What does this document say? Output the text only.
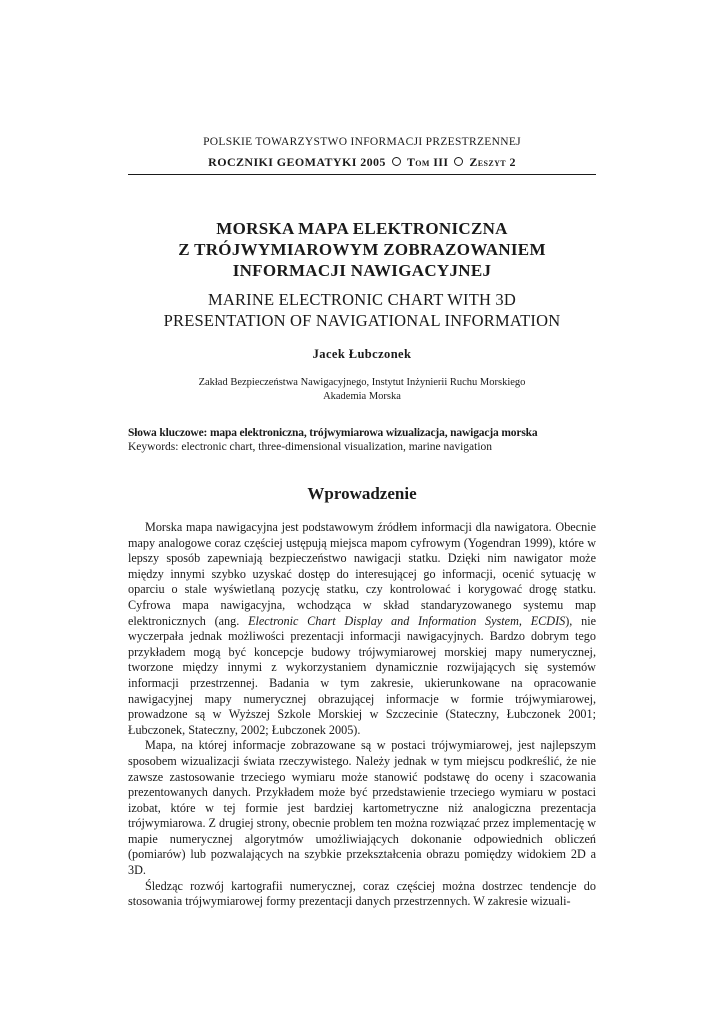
POLSKIE TOWARZYSTWO INFORMACJI PRZESTRZENNEJ
ROCZNIKI GEOMATYKI 2005 Tom III Zeszyt 2
MORSKA MAPA ELEKTRONICZNA
Z TRÓJWYMIAROWYM ZOBRAZOWANIEM
INFORMACJI NAWIGACYJNEJ
MARINE ELECTRONIC CHART WITH 3D
PRESENTATION OF NAVIGATIONAL INFORMATION
Jacek Łubczonek
Zakład Bezpieczeństwa Nawigacyjnego, Instytut Inżynierii Ruchu Morskiego
Akademia Morska
Słowa kluczowe: mapa elektroniczna, trójwymiarowa wizualizacja, nawigacja morska
Keywords: electronic chart, three-dimensional visualization, marine navigation
Wprowadzenie

Morska mapa nawigacyjna jest podstawowym źródłem informacji dla nawigatora. Obecnie mapy analogowe coraz częściej ustępują miejsca mapom cyfrowym (Yogendran 1999), które w lepszy sposób zapewniają bezpieczeństwo nawigacji statku. Dzięki nim nawigator może między innymi szybko uzyskać dostęp do interesującej go informacji, ocenić sytuację w oparciu o stale wyświetlaną pozycję statku, czy kontrolować i korygować drogę statku. Cyfrowa mapa nawigacyjna, wchodząca w skład standaryzowanego systemu map elektronicznych (ang. Electronic Chart Display and Information System, ECDIS), nie wyczerpała jednak możliwości prezentacji informacji nawigacyjnych. Bardzo dobrym tego przykładem mogą być koncepcje budowy trójwymiarowej morskiej mapy numerycznej, tworzone między innymi z wykorzystaniem dynamicznie rozwijających się systemów informacji przestrzennej. Badania w tym zakresie, ukierunkowane na opracowanie nawigacyjnej mapy numerycznej obrazującej informacje w formie trójwymiarowej, prowadzone są w Wyższej Szkole Morskiej w Szczecinie (Stateczny, Łubczonek 2001; Łubczonek, Stateczny, 2002; Łubczonek 2005).

Mapa, na której informacje zobrazowane są w postaci trójwymiarowej, jest najlepszym sposobem wizualizacji świata rzeczywistego. Należy jednak w tym miejscu podkreślić, że nie zawsze zastosowanie trzeciego wymiaru może stanowić podstawę do oceny i szacowania prezentowanych danych. Przykładem może być przedstawienie trzeciego wymiaru w postaci izobat, które w tej formie jest bardziej kartometryczne niż analogiczna prezentacja trójwymiarowa. Z drugiej strony, obecnie problem ten można rozwiązać przez implementację w mapie numerycznej algorytmów umożliwiających dokonanie odpowiednich obliczeń (pomiarów) lub pozwalających na szybkie przekształcenia obrazu pomiędzy widokiem 2D a 3D.

Śledząc rozwój kartografii numerycznej, coraz częściej można dostrzec tendencje do stosowania trójwymiarowej formy prezentacji danych przestrzennych. W zakresie wizuali-
